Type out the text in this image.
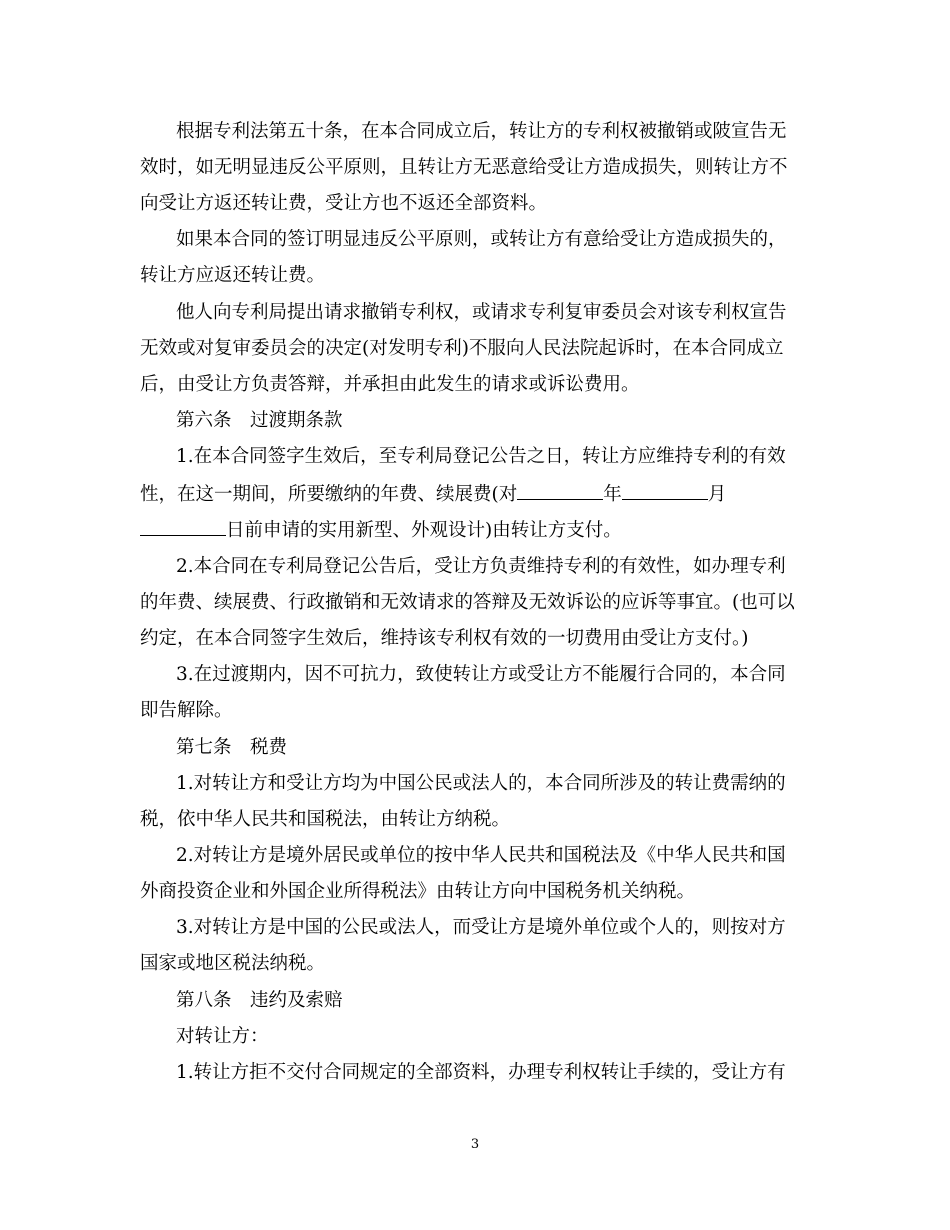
根据专利法第五十条，在本合同成立后，转让方的专利权被撤销或陂宣告无
效时，如无明显违反公平原则，且转让方无恶意给受让方造成损失，则转让方不
向受让方返还转让费，受让方也不返还全部资料。
如果本合同的签订明显违反公平原则，或转让方有意给受让方造成损失的，
转让方应返还转让费。
他人向专利局提出请求撤销专利权，或请求专利复审委员会对该专利权宣告
无效或对复审委员会的决定(对发明专利)不服向人民法院起诉时，在本合同成立
后，由受让方负责答辩，并承担由此发生的请求或诉讼费用。
第六条　过渡期条款
1.在本合同签字生效后，至专利局登记公告之日，转让方应维持专利的有效
性，在这一期间，所要缴纳的年费、续展费(对	年	月
日前申请的实用新型、外观设计)由转让方支付。
2.本合同在专利局登记公告后，受让方负责维持专利的有效性，如办理专利
的年费、续展费、行政撤销和无效请求的答辩及无效诉讼的应诉等事宜。(也可以
约定，在本合同签字生效后，维持该专利权有效的一切费用由受让方支付。)
3.在过渡期内，因不可抗力，致使转让方或受让方不能履行合同的，本合同
即告解除。
第七条　税费
1.对转让方和受让方均为中国公民或法人的，本合同所涉及的转让费需纳的
税，依中华人民共和国税法，由转让方纳税。
2.对转让方是境外居民或单位的按中华人民共和国税法及《中华人民共和国
外商投资企业和外国企业所得税法》由转让方向中国税务机关纳税。
3.对转让方是中国的公民或法人，而受让方是境外单位或个人的，则按对方
国家或地区税法纳税。
第八条　违约及索赔
对转让方：
1.转让方拒不交付合同规定的全部资料，办理专利权转让手续的，受让方有
3
